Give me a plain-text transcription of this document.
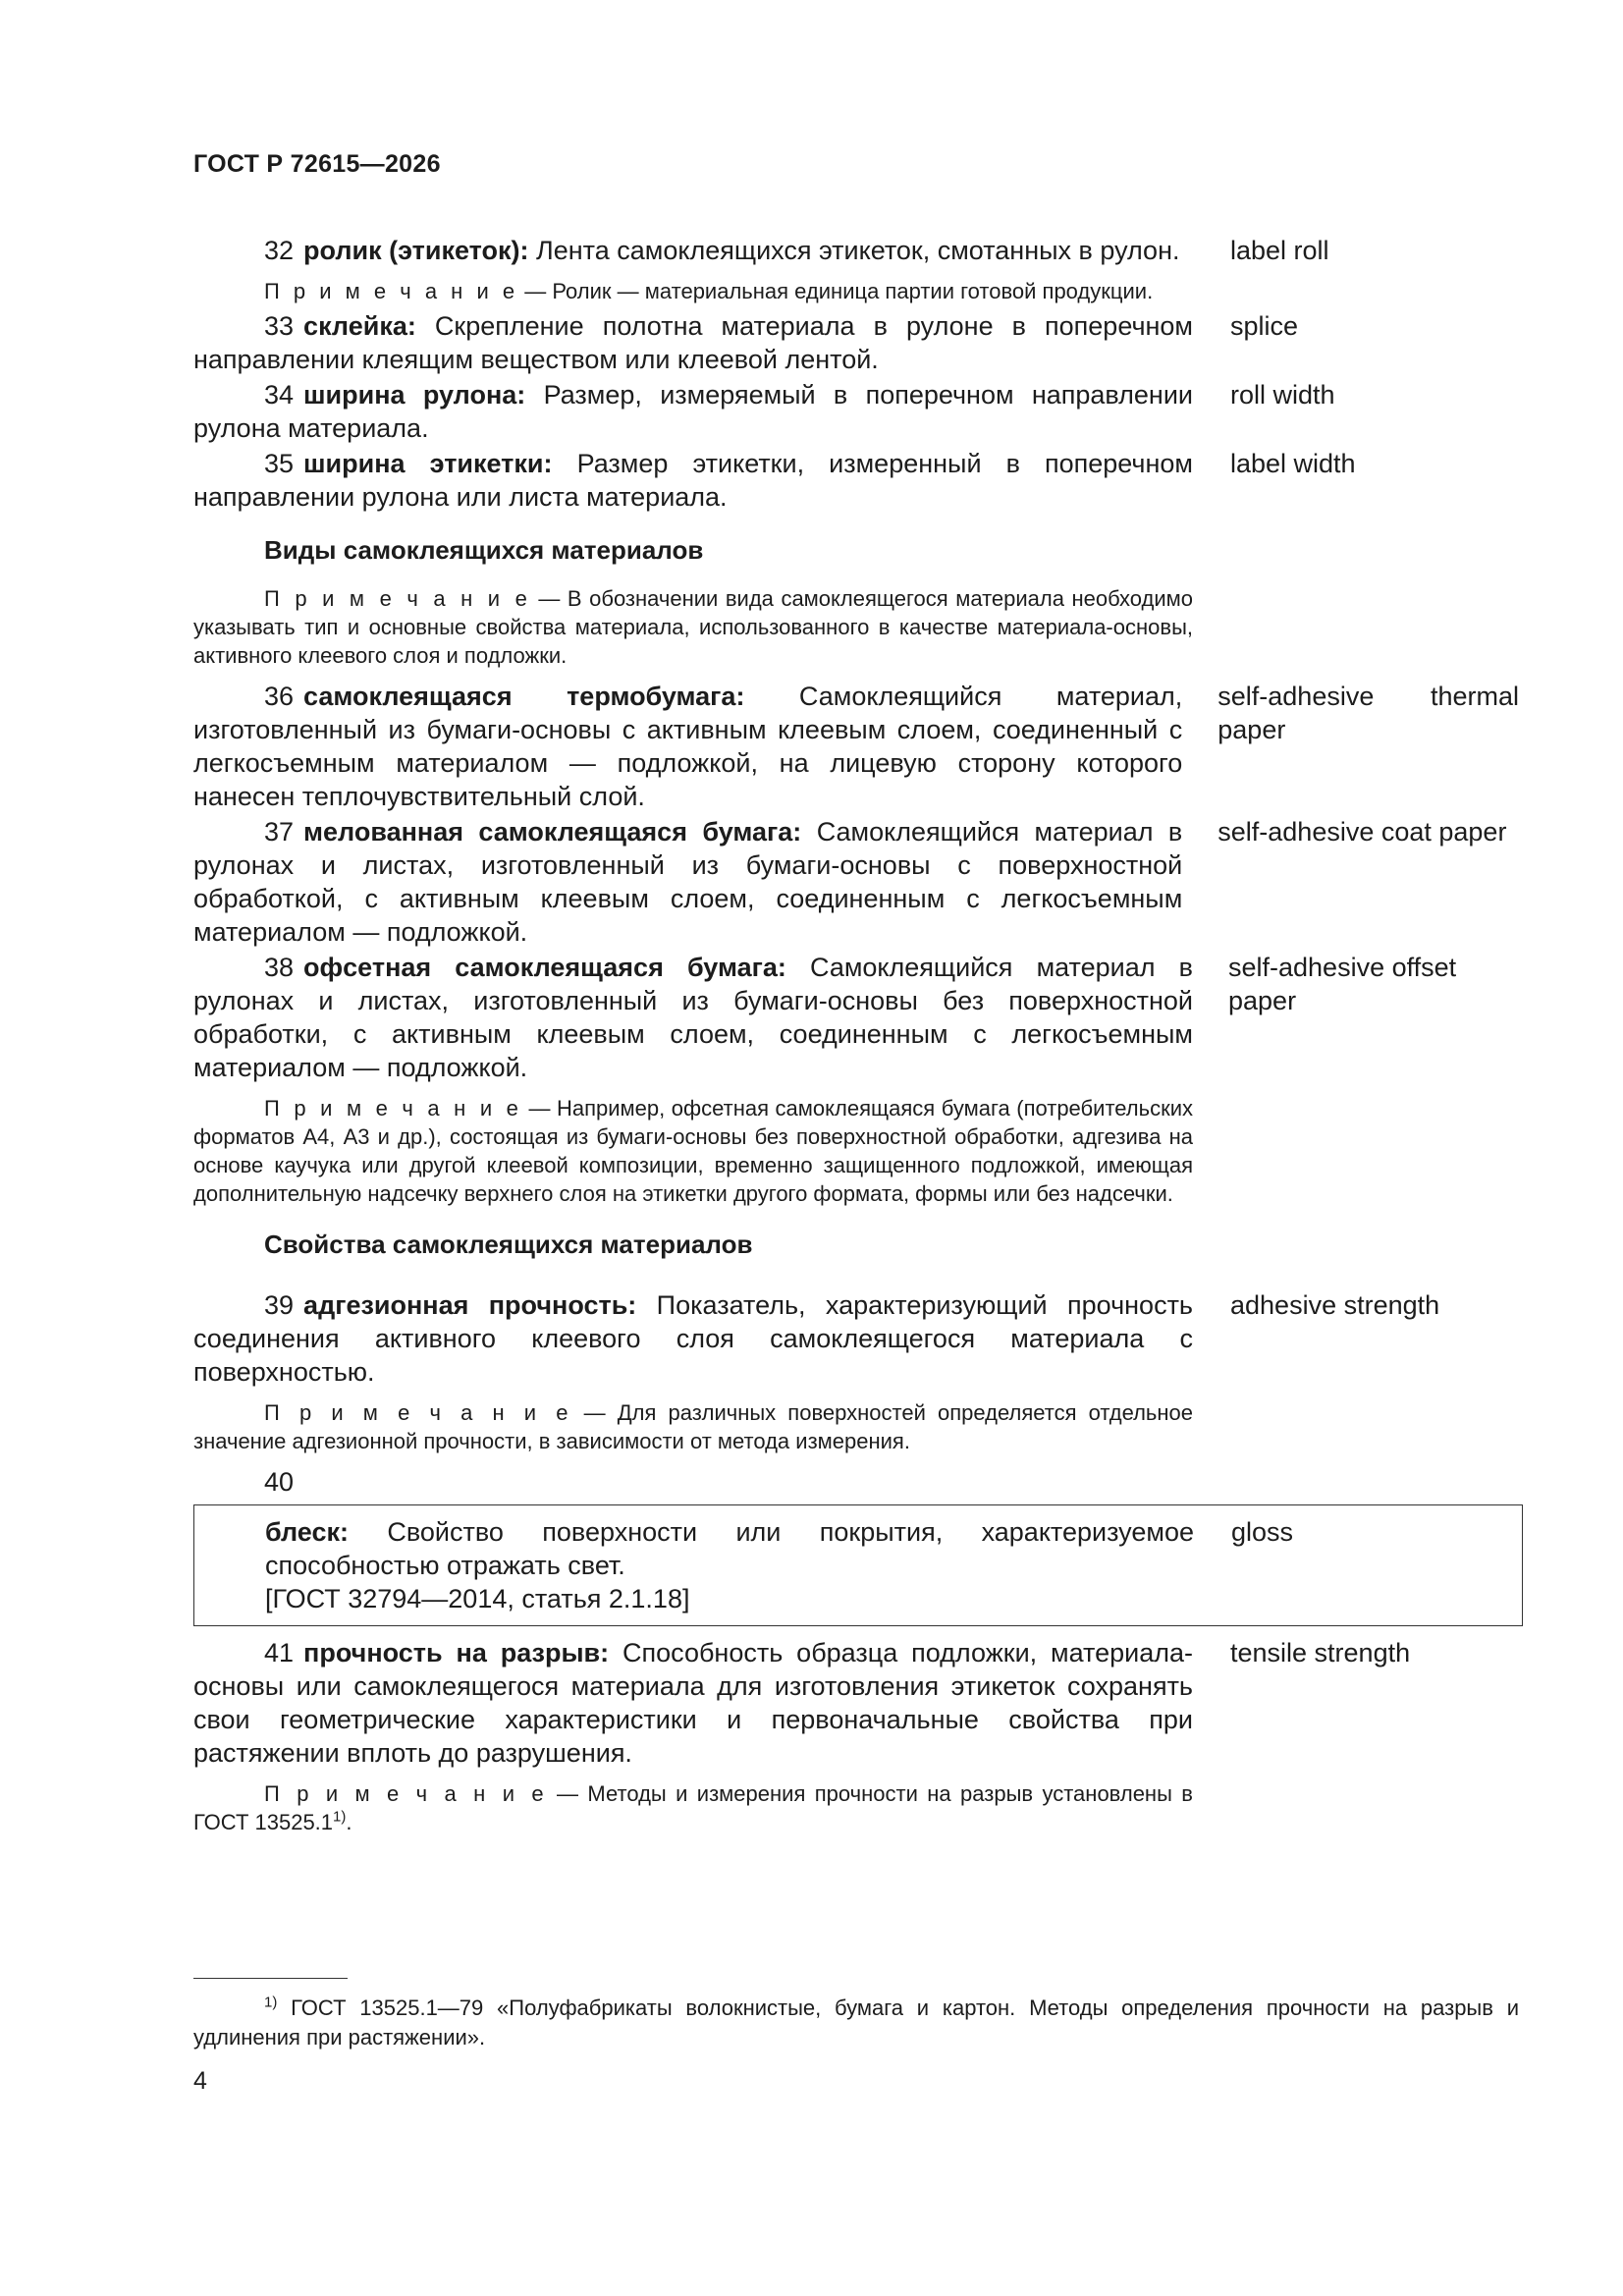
ГОСТ Р 72615—2026
32 ролик (этикеток): Лента самоклеящихся этикеток, смотанных в рулон.	label roll
П р и м е ч а н и е — Ролик — материальная единица партии готовой продукции.
33 склейка: Скрепление полотна материала в рулоне в поперечном направлении клеящим веществом или клеевой лентой.
splice
34 ширина рулона: Размер, измеряемый в поперечном направлении рулона материала.
roll width
35 ширина этикетки: Размер этикетки, измеренный в поперечном направлении рулона или листа материала.
label width
Виды самоклеящихся материалов
П р и м е ч а н и е — В обозначении вида самоклеящегося материала необходимо указывать тип и основные свойства материала, использованного в качестве материала-основы, активного клеевого слоя и подложки.
36 самоклеящаяся термобумага: Самоклеящийся материал, изготовленный из бумаги-основы с активным клеевым слоем, соединенный с легкосъемным материалом — подложкой, на лицевую сторону которого нанесен теплочувствительный слой.
self-adhesive thermal
paper
37 мелованная самоклеящаяся бумага: Самоклеящийся материал в рулонах и листах, изготовленный из бумаги-основы с поверхностной обработкой, с активным клеевым слоем, соединенным с легкосъемным материалом — подложкой.
self-adhesive coat paper
38 офсетная самоклеящаяся бумага: Самоклеящийся материал в рулонах и листах, изготовленный из бумаги-основы без поверхностной обработки, с активным клеевым слоем, соединенным с легкосъемным материалом — подложкой.
self-adhesive offset paper
П р и м е ч а н и е — Например, офсетная самоклеящаяся бумага (потребительских форматов А4, А3 и др.), состоящая из бумаги-основы без поверхностной обработки, адгезива на основе каучука или другой клеевой композиции, временно защищенного подложкой, имеющая дополнительную надсечку верхнего слоя на этикетки другого формата, формы или без надсечки.
Свойства самоклеящихся материалов
39 адгезионная прочность: Показатель, характеризующий прочность соединения активного клеевого слоя самоклеящегося материала с поверхностью.
adhesive strength
П р и м е ч а н и е — Для различных поверхностей определяется отдельное значение адгезионной прочности, в зависимости от метода измерения.
40
блеск: Свойство поверхности или покрытия, характеризуемое способностью отражать свет.
[ГОСТ 32794—2014, статья 2.1.18]
gloss
41 прочность на разрыв: Способность образца подложки, материала-основы или самоклеящегося материала для изготовления этикеток сохранять свои геометрические характеристики и первоначальные свойства при растяжении вплоть до разрушения.
tensile strength
П р и м е ч а н и е — Методы и измерения прочности на разрыв установлены в ГОСТ 13525.1$^{1)}$.
$^{1)}$ ГОСТ 13525.1—79 «Полуфабрикаты волокнистые, бумага и картон. Методы определения прочности на разрыв и удлинения при растяжении».
4
